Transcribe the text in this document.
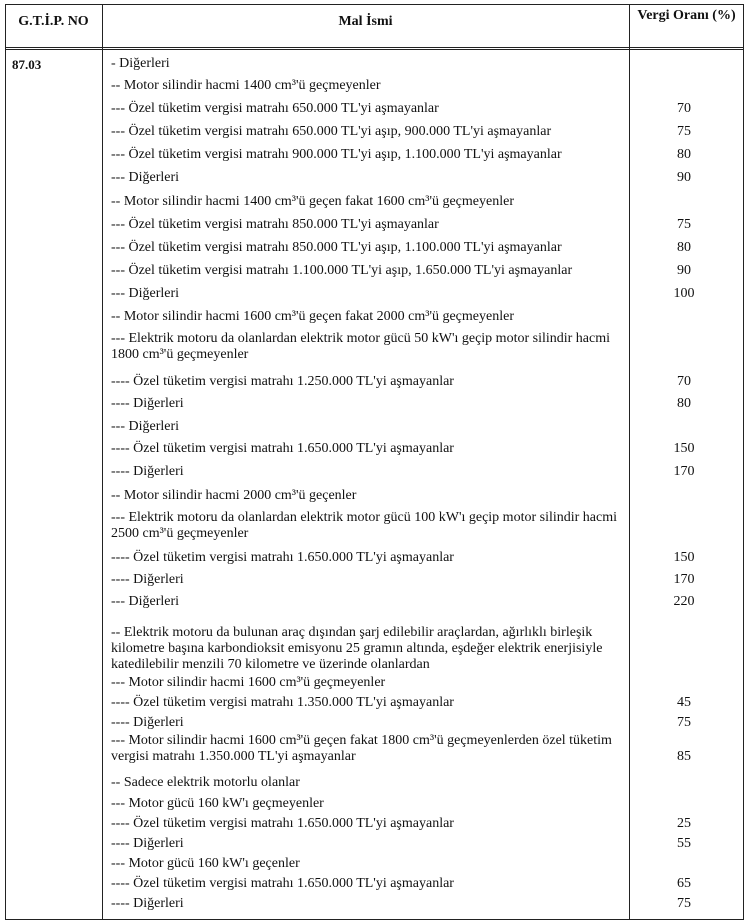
G.T.İ.P. NO	Mal İsmi	Vergi Oranı (%)
87.03	- Diğerleri
-- Motor silindir hacmi 1400 cm³'ü geçmeyenler
--- Özel tüketim vergisi matrahı 650.000 TL'yi aşmayanlar	70
--- Özel tüketim vergisi matrahı 650.000 TL'yi aşıp, 900.000 TL'yi aşmayanlar	75
--- Özel tüketim vergisi matrahı 900.000 TL'yi aşıp, 1.100.000 TL'yi aşmayanlar	80
--- Diğerleri	90
-- Motor silindir hacmi 1400 cm³'ü geçen fakat 1600 cm³'ü geçmeyenler
--- Özel tüketim vergisi matrahı 850.000 TL'yi aşmayanlar	75
--- Özel tüketim vergisi matrahı 850.000 TL'yi aşıp, 1.100.000 TL'yi aşmayanlar	80
--- Özel tüketim vergisi matrahı 1.100.000 TL'yi aşıp, 1.650.000 TL'yi aşmayanlar	90
--- Diğerleri	100
-- Motor silindir hacmi 1600 cm³'ü geçen fakat 2000 cm³'ü geçmeyenler
--- Elektrik motoru da olanlardan elektrik motor gücü 50 kW'ı geçip motor silindir hacmi 1800 cm³'ü geçmeyenler
---- Özel tüketim vergisi matrahı 1.250.000 TL'yi aşmayanlar	70
---- Diğerleri	80
--- Diğerleri
---- Özel tüketim vergisi matrahı 1.650.000 TL'yi aşmayanlar	150
---- Diğerleri	170
-- Motor silindir hacmi 2000 cm³'ü geçenler
--- Elektrik motoru da olanlardan elektrik motor gücü 100 kW'ı geçip motor silindir hacmi 2500 cm³'ü geçmeyenler
---- Özel tüketim vergisi matrahı 1.650.000 TL'yi aşmayanlar	150
---- Diğerleri	170
--- Diğerleri	220
-- Elektrik motoru da bulunan araç dışından şarj edilebilir araçlardan, ağırlıklı birleşik kilometre başına karbondioksit emisyonu 25 gramın altında, eşdeğer elektrik enerjisiyle katedilebilir menzili 70 kilometre ve üzerinde olanlardan
--- Motor silindir hacmi 1600 cm³'ü geçmeyenler
---- Özel tüketim vergisi matrahı 1.350.000 TL'yi aşmayanlar	45
---- Diğerleri	75
--- Motor silindir hacmi 1600 cm³'ü geçen fakat 1800 cm³'ü geçmeyenlerden özel tüketim vergisi matrahı 1.350.000 TL'yi aşmayanlar	85
-- Sadece elektrik motorlu olanlar
--- Motor gücü 160 kW'ı geçmeyenler
---- Özel tüketim vergisi matrahı 1.650.000 TL'yi aşmayanlar	25
---- Diğerleri	55
--- Motor gücü 160 kW'ı geçenler
---- Özel tüketim vergisi matrahı 1.650.000 TL'yi aşmayanlar	65
---- Diğerleri	75
